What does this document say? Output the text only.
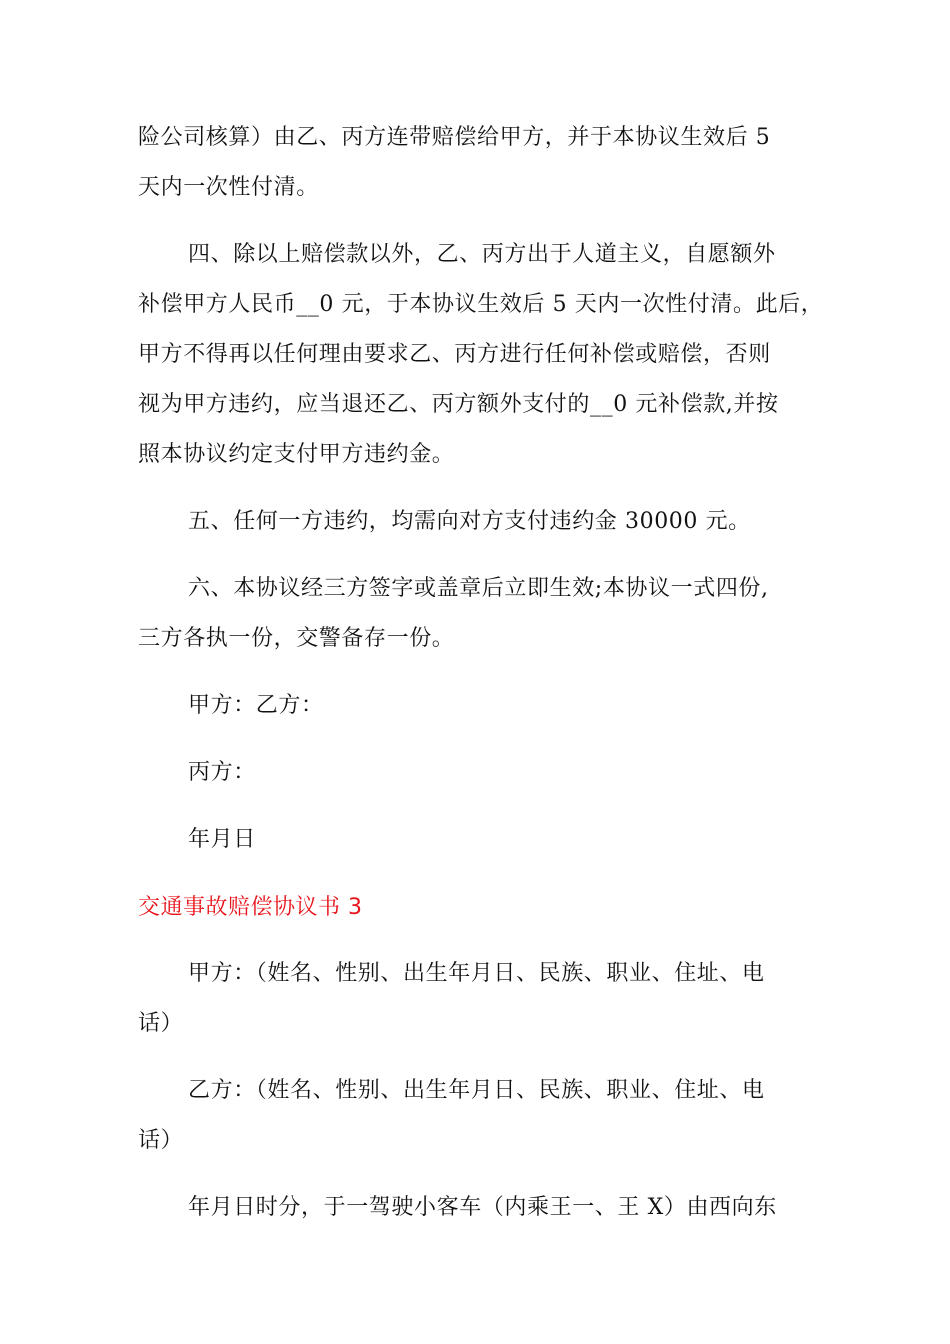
险公司核算）由乙、丙方连带赔偿给甲方，并于本协议生效后 5
天内一次性付清。
四、除以上赔偿款以外，乙、丙方出于人道主义，自愿额外
补偿甲方人民币__0 元，于本协议生效后 5 天内一次性付清。此后，
甲方不得再以任何理由要求乙、丙方进行任何补偿或赔偿，否则
视为甲方违约，应当退还乙、丙方额外支付的__0 元补偿款,并按
照本协议约定支付甲方违约金。
五、任何一方违约，均需向对方支付违约金 30000 元。
六、本协议经三方签字或盖章后立即生效;本协议一式四份,
三方各执一份，交警备存一份。
甲方：乙方：
丙方：
年月日
交通事故赔偿协议书 3
甲方：（姓名、性别、出生年月日、民族、职业、住址、电
话）
乙方：（姓名、性别、出生年月日、民族、职业、住址、电
话）
年月日时分，于一驾驶小客车（内乘王一、王 X）由西向东
